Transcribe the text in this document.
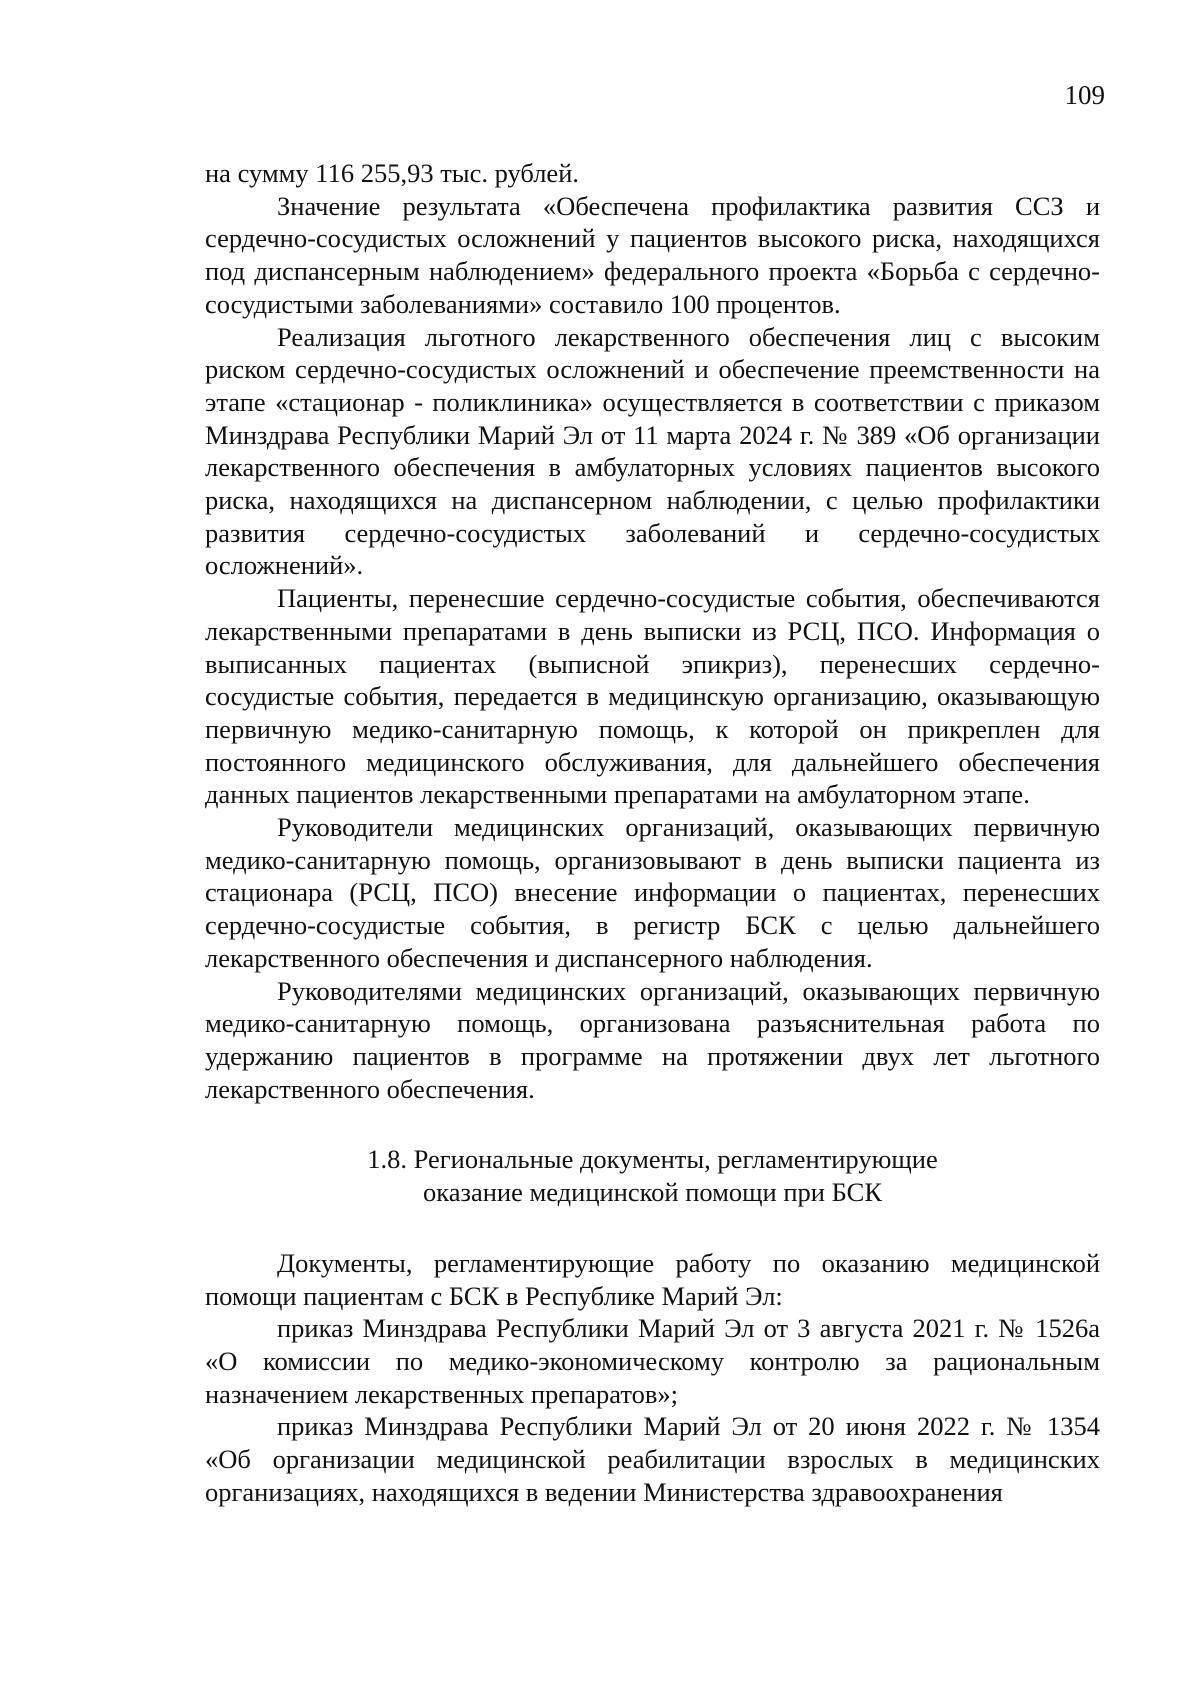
109

на сумму 116 255,93 тыс. рублей.

Значение результата «Обеспечена профилактика развития ССЗ и сердечно-сосудистых осложнений у пациентов высокого риска, находящихся под диспансерным наблюдением» федерального проекта «Борьба с сердечно-сосудистыми заболеваниями» составило 100 процентов.

Реализация льготного лекарственного обеспечения лиц с высоким риском сердечно-сосудистых осложнений и обеспечение преемственности на этапе «стационар - поликлиника» осуществляется в соответствии с приказом Минздрава Республики Марий Эл от 11 марта 2024 г. № 389 «Об организации лекарственного обеспечения в амбулаторных условиях пациентов высокого риска, находящихся на диспансерном наблюдении, с целью профилактики развития сердечно-сосудистых заболеваний и сердечно-сосудистых осложнений».

Пациенты, перенесшие сердечно-сосудистые события, обеспечиваются лекарственными препаратами в день выписки из РСЦ, ПСО. Информация о выписанных пациентах (выписной эпикриз), перенесших сердечно-сосудистые события, передается в медицинскую организацию, оказывающую первичную медико-санитарную помощь, к которой он прикреплен для постоянного медицинского обслуживания, для дальнейшего обеспечения данных пациентов лекарственными препаратами на амбулаторном этапе.

Руководители медицинских организаций, оказывающих первичную медико-санитарную помощь, организовывают в день выписки пациента из стационара (РСЦ, ПСО) внесение информации о пациентах, перенесших сердечно-сосудистые события, в регистр БСК с целью дальнейшего лекарственного обеспечения и диспансерного наблюдения.

Руководителями медицинских организаций, оказывающих первичную медико-санитарную помощь, организована разъяснительная работа по удержанию пациентов в программе на протяжении двух лет льготного лекарственного обеспечения.

1.8. Региональные документы, регламентирующие
оказание медицинской помощи при БСК

Документы, регламентирующие работу по оказанию медицинской помощи пациентам с БСК в Республике Марий Эл:

приказ Минздрава Республики Марий Эл от 3 августа 2021 г. № 1526а «О комиссии по медико-экономическому контролю за рациональным назначением лекарственных препаратов»;

приказ Минздрава Республики Марий Эл от 20 июня 2022 г. № 1354 «Об организации медицинской реабилитации взрослых в медицинских организациях, находящихся в ведении Министерства здравоохранения
